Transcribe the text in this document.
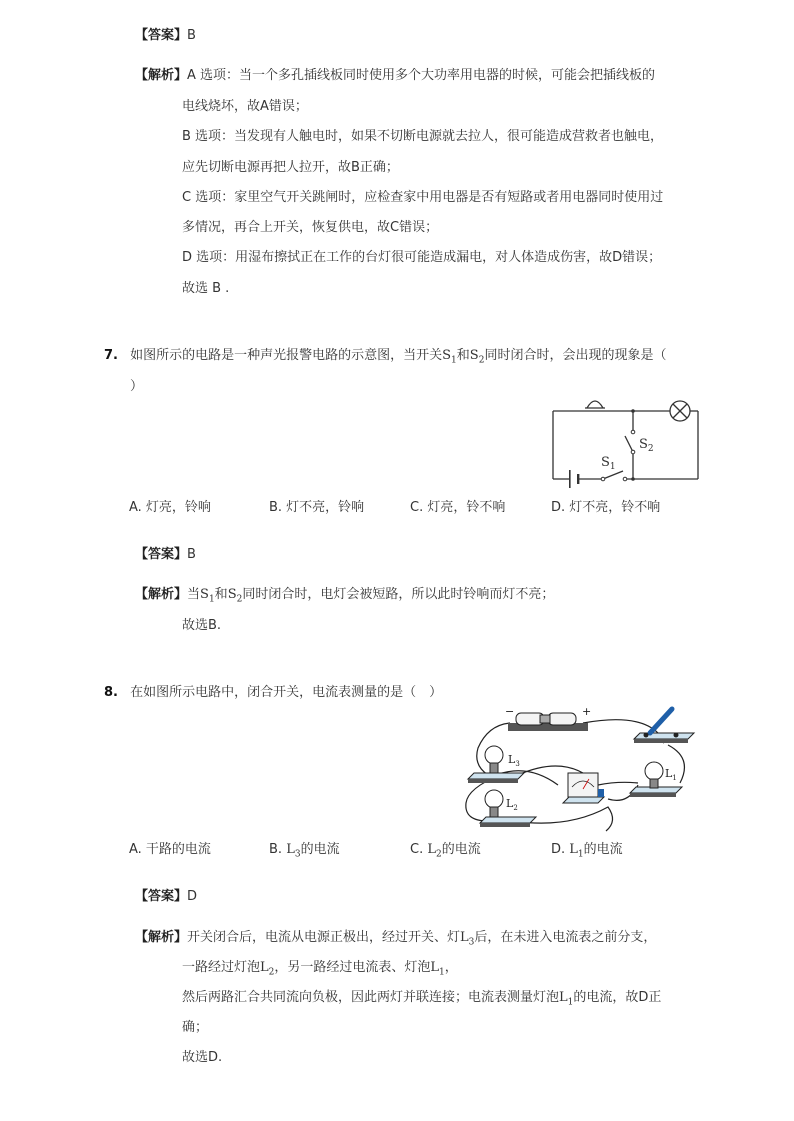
【答案】B
【解析】A 选项：当一个多孔插线板同时使用多个大功率用电器的时候，可能会把插线板的
电线烧坏，故A错误；
B 选项：当发现有人触电时，如果不切断电源就去拉人，很可能造成营救者也触电，
应先切断电源再把人拉开，故B正确；
C 选项：家里空气开关跳闸时，应检查家中用电器是否有短路或者用电器同时使用过
多情况，再合上开关，恢复供电，故C错误；
D 选项：用湿布擦拭正在工作的台灯很可能造成漏电，对人体造成伤害，故D错误；
故选 B .
7. 如图所示的电路是一种声光报警电路的示意图，当开关$S_1$和$S_2$同时闭合时，会出现的现象是（
）
$S_2$
$S_1$
A. 灯亮，铃响	B. 灯不亮，铃响	C. 灯亮，铃不响	D. 灯不亮，铃不响
【答案】B
【解析】当$S_1$和$S_2$同时闭合时，电灯会被短路，所以此时铃响而灯不亮；
故选B.
8. 在如图所示电路中，闭合开关，电流表测量的是（　）
−	+
$L_3$
$L_2$
$L_1$
A. 干路的电流	B. $L_3$的电流	C. $L_2$的电流	D. $L_1$的电流
【答案】D
【解析】开关闭合后，电流从电源正极出，经过开关、灯$L_3$后，在未进入电流表之前分支，
一路经过灯泡$L_2$，另一路经过电流表、灯泡$L_1$，
然后两路汇合共同流向负极，因此两灯并联连接；电流表测量灯泡$L_1$的电流，故D正
确；
故选D.
